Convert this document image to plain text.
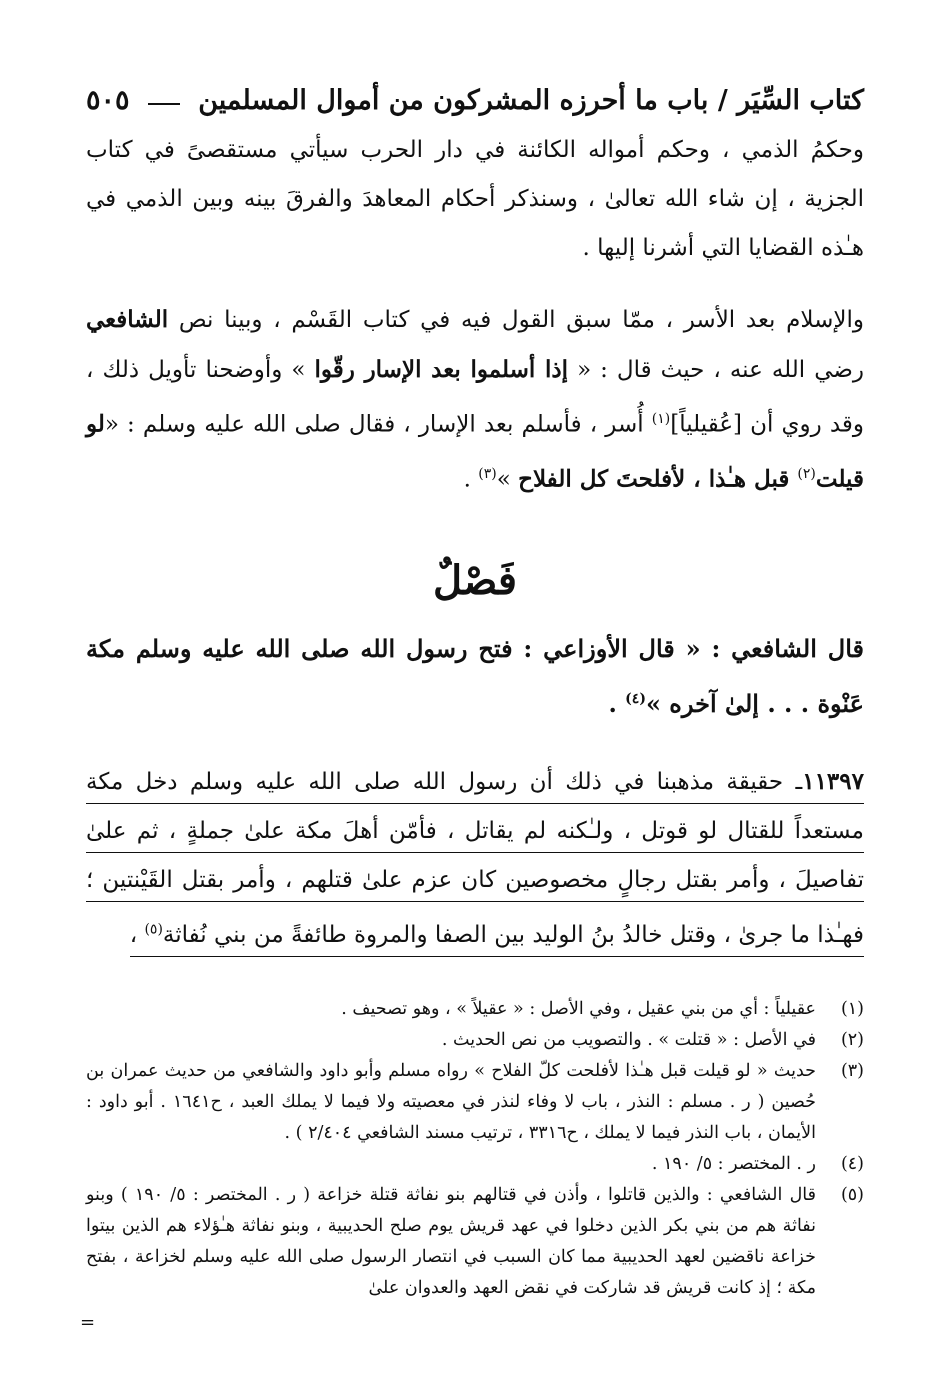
كتاب السِّيَر / باب ما أحرزه المشركون من أموال المسلمين
٥٠٥

وحكمُ الذمي ، وحكم أمواله الكائنة في دار الحرب سيأتي مستقصىً في كتاب الجزية ، إن شاء الله تعالىٰ ، وسنذكر أحكام المعاهدَ والفرقَ بينه وبين الذمي في هـٰذه القضايا التي أشرنا إليها .

والإسلام بعد الأسر ، ممّا سبق القول فيه في كتاب القَسْم ، وبينا نص الشافعي رضي الله عنه ، حيث قال : « إذا أسلموا بعد الإسار رقّوا » وأوضحنا تأويل ذلك ، وقد روي أن [عُقيلياً]$^{(١)}$ أُسر ، فأسلم بعد الإسار ، فقال صلى الله عليه وسلم : «لو قيلت$^{(٢)}$ قبل هـٰذا ، لأفلحتَ كل الفلاح »$^{(٣)}$ .

فَصْلٌ

قال الشافعي : « قال الأوزاعي : فتح رسول الله صلى الله عليه وسلم مكة عَنْوة . . . إلىٰ آخره »$^{(٤)}$ .

١١٣٩٧ـ حقيقة مذهبنا في ذلك أن رسول الله صلى الله عليه وسلم دخل مكة مستعداً للقتال لو قوتل ، ولـٰكنه لم يقاتل ، فأمّن أهلَ مكة علىٰ جملةٍ ، ثم علىٰ تفاصيلَ ، وأمر بقتل رجالٍ مخصوصين كان عزم علىٰ قتلهم ، وأمر بقتل القَيْنتين ؛ فهـٰذا ما جرىٰ ، وقتل خالدُ بنُ الوليد بين الصفا والمروة طائفةً من بني نُفاثة$^{(٥)}$ ،

(١)
عقيلياً : أي من بني عقيل ، وفي الأصل : « عقيلاً » ، وهو تصحيف .
(٢)
في الأصل : « قتلت » . والتصويب من نص الحديث .
(٣)
حديث « لو قيلت قبل هـٰذا لأفلحت كلّ الفلاح » رواه مسلم وأبو داود والشافعي من حديث عمران بن حُصين ( ر . مسلم : النذر ، باب لا وفاء لنذر في معصيته ولا فيما لا يملك العبد ، ح١٦٤١ . أبو داود : الأيمان ، باب النذر فيما لا يملك ، ح٣٣١٦ ، ترتيب مسند الشافعي ٢/٤٠٤ ) .
(٤)
ر . المختصر : ٥/ ١٩٠ .
(٥)
قال الشافعي : والذين قاتلوا ، وأذن في قتالهم بنو نفاثة قتلة خزاعة ( ر . المختصر : ٥/ ١٩٠ ) وبنو نفاثة هم من بني بكر الذين دخلوا في عهد قريش يوم صلح الحديبية ، وبنو نفاثة هـٰؤلاء هم الذين بيتوا خزاعة ناقضين لعهد الحديبية مما كان السبب في انتصار الرسول صلى الله عليه وسلم لخزاعة ، بفتح مكة ؛ إذ كانت قريش قد شاركت في نقض العهد والعدوان علىٰ
=
